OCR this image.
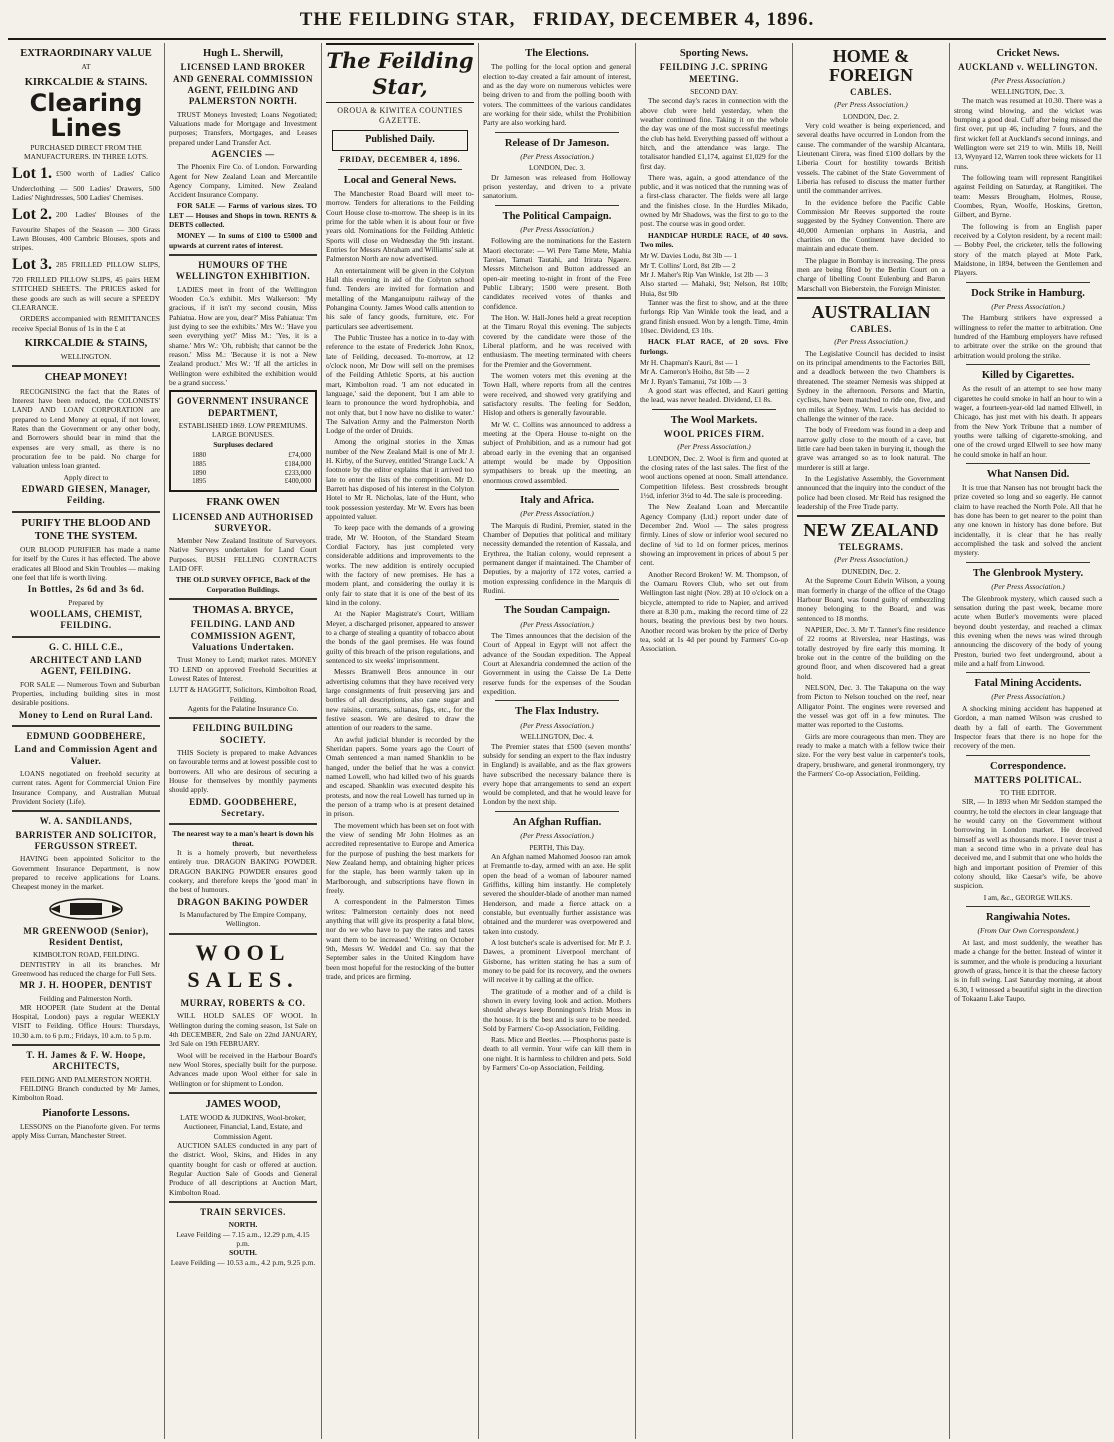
THE FEILDING STAR, FRIDAY, DECEMBER 4, 1896.
EXTRAORDINARY VALUE
AT
KIRKCALDIE & STAINS.
Clearing Lines
PURCHASED DIRECT FROM THE MANUFACTURERS. IN THREE LOTS.
Lot 1. £500 worth of Ladies' Calico Underclothing — 500 Ladies' Drawers, 500 Ladies' Nightdresses, 500 Ladies' Chemises.
Lot 2. 200 Ladies' Blouses of the Favourite Shapes of the Season — 300 Grass Lawn Blouses, 400 Cambric Blouses, spots and stripes.
Lot 3. 285 FRILLED PILLOW SLIPS, 720 FRILLED PILLOW SLIPS, 45 pairs HEM STITCHED SHEETS. The PRICES asked for these goods are such as will secure a SPEEDY CLEARANCE.

ORDERS accompanied with REMITTANCES receive Special Bonus of 1s in the £ at

KIRKCALDIE & STAINS,
WELLINGTON.
CHEAP MONEY!

RECOGNISING the fact that the Rates of Interest have been reduced, the COLONISTS' LAND AND LOAN CORPORATION are prepared to Lend Money at equal, if not lower, Rates than the Government or any other body, and Borrowers should bear in mind that the expenses are very small, as there is no procuration fee to be paid. No charge for valuation unless loan granted.

Apply direct to
EDWARD GIESEN, Manager, Feilding.
PURIFY THE BLOOD AND TONE THE SYSTEM.

OUR BLOOD PURIFIER has made a name for itself by the Cures it has effected. The above eradicates all Blood and Skin Troubles — making one feel that life is worth living.

In Bottles, 2s 6d and 3s 6d.
Prepared by
WOOLLAMS, CHEMIST, FEILDING.
G. C. HILL C.E.,
ARCHITECT AND LAND AGENT, FEILDING.

FOR SALE — Numerous Town and Suburban Properties, including building sites in most desirable positions.

Money to Lend on Rural Land.
EDMUND GOODBEHERE,
Land and Commission Agent and Valuer.

LOANS negotiated on freehold security at current rates. Agent for Commercial Union Fire Insurance Company, and Australian Mutual Provident Society (Life).

W. A. SANDILANDS,
BARRISTER AND SOLICITOR, FERGUSSON STREET.

HAVING been appointed Solicitor to the Government Insurance Department, is now prepared to receive applications for Loans. Cheapest money in the market.

MR GREENWOOD (Senior), Resident Dentist,
KIMBOLTON ROAD, FEILDING.

DENTISTRY in all its branches. Mr Greenwood has reduced the charge for Full Sets.

MR J. H. HOOPER, DENTIST
Feilding and Palmerston North.

MR HOOPER (late Student at the Dental Hospital, London) pays a regular WEEKLY VISIT to Feilding. Office Hours: Thursdays, 10.30 a.m. to 6 p.m.; Fridays, 10 a.m. to 5 p.m.

T. H. James & F. W. Hoope, ARCHITECTS,
FEILDING AND PALMERSTON NORTH.

FEILDING Branch conducted by Mr James, Kimbolton Road.

Pianoforte Lessons.

LESSONS on the Pianoforte given. For terms apply Miss Curran, Manchester Street.

Hugh L. Sherwill,
LICENSED LAND BROKER AND GENERAL COMMISSION AGENT, FEILDING AND PALMERSTON NORTH.

TRUST Moneys Invested; Loans Negotiated; Valuations made for Mortgage and Investment purposes; Transfers, Mortgages, and Leases prepared under Land Transfer Act.

AGENCIES —

The Phoenix Fire Co. of London. Forwarding Agent for New Zealand Loan and Mercantile Agency Company, Limited. New Zealand Accident Insurance Company.

FOR SALE — Farms of various sizes. TO LET — Houses and Shops in town. RENTS & DEBTS collected.

MONEY — In sums of £100 to £5000 and upwards at current rates of interest.

HUMOURS OF THE WELLINGTON EXHIBITION.

LADIES meet in front of the Wellington Wooden Co.'s exhibit. Mrs Walkerson: 'My gracious, if it isn't my second cousin, Miss Pahiatua. How are you, dear?' Miss Pahiatua: 'I'm just dying to see the exhibits.' Mrs W.: 'Have you seen everything yet?' Miss M.: 'Yes, it is a shame.' Mrs W.: 'Oh, rubbish; that cannot be the reason.' Miss M.: 'Because it is not a New Zealand product.' Mrs W.: 'If all the articles in Wellington were exhibited the exhibition would be a grand success.'

GOVERNMENT INSURANCE DEPARTMENT,
ESTABLISHED 1869. LOW PREMIUMS. LARGE BONUSES.
Surpluses declared
1880	£74,000
1885	£184,000
1890	£233,000
1895	£400,000
FRANK OWEN
LICENSED AND AUTHORISED SURVEYOR.

Member New Zealand Institute of Surveyors. Native Surveys undertaken for Land Court Purposes. BUSH FELLING CONTRACTS LAID OFF.

THE OLD SURVEY OFFICE, Back of the Corporation Buildings.
THOMAS A. BRYCE,
FEILDING. LAND AND COMMISSION AGENT, Valuations Undertaken.

Trust Money to Lend; market rates. MONEY TO LEND on approved Freehold Securities at Lowest Rates of Interest.

LUTT & HAGGITT, Solicitors, Kimbolton Road, Feilding.
Agents for the Palatine Insurance Co.
FEILDING BUILDING SOCIETY.

THIS Society is prepared to make Advances on favourable terms and at lowest possible cost to borrowers. All who are desirous of securing a House for themselves by monthly payments should apply.

EDMD. GOODBEHERE, Secretary.
The nearest way to a man's heart is down his throat.

It is a homely proverb, but nevertheless entirely true. DRAGON BAKING POWDER. DRAGON BAKING POWDER ensures good cookery, and therefore keeps the 'good man' in the best of humours.

DRAGON BAKING POWDER
Is Manufactured by The Empire Company, Wellington.
WOOL SALES.
MURRAY, ROBERTS & CO.

WILL HOLD SALES OF WOOL In Wellington during the coming season, 1st Sale on 4th DECEMBER, 2nd Sale on 22nd JANUARY, 3rd Sale on 19th FEBRUARY.

Wool will be received in the Harbour Board's new Wool Stores, specially built for the purpose. Advances made upon Wool either for sale in Wellington or for shipment to London.

JAMES WOOD,
LATE WOOD & JUDKINS, Wool-broker, Auctioneer, Financial, Land, Estate, and Commission Agent.

AUCTION SALES conducted in any part of the district. Wool, Skins, and Hides in any quantity bought for cash or offered at auction. Regular Auction Sale of Goods and General Produce of all descriptions at Auction Mart, Kimbolton Road.

TRAIN SERVICES.
NORTH.
Leave Feilding — 7.15 a.m., 12.29 p.m, 4.15 p.m.
SOUTH.
Leave Feilding — 10.53 a.m., 4.2 p.m, 9.25 p.m.
The Feilding Star,
OROUA & KIWITEA COUNTIES GAZETTE.
Published Daily.
FRIDAY, DECEMBER 4, 1896.
Local and General News.

The Manchester Road Board will meet to-morrow. Tenders for alterations to the Feilding Court House close to-morrow. The sheep is in its prime for the table when it is about four or five years old. Nominations for the Feilding Athletic Sports will close on Wednesday the 9th instant. Entries for Messrs Abraham and Williams' sale at Palmerston North are now advertised.

An entertainment will be given in the Colyton Hall this evening in aid of the Colyton school fund. Tenders are invited for formation and metalling of the Manganuiputu railway of the Pohangina County. James Wood calls attention to his sale of fancy goods, furniture, etc. For particulars see advertisement.

The Public Trustee has a notice in to-day with reference to the estate of Frederick John Knox, late of Feilding, deceased. To-morrow, at 12 o'clock noon, Mr Dow will sell on the premises of the Feilding Athletic Sports, at his auction mart, Kimbolton road. 'I am not educated in language,' said the deponent, 'but I am able to learn to pronounce the word hydrophobia, and not only that, but I now have no dislike to water.' The Salvation Army and the Palmerston North Lodge of the order of Druids.

Among the original stories in the Xmas number of the New Zealand Mail is one of Mr J. H. Kirby, of the Survey, entitled 'Strange Luck.' A footnote by the editor explains that it arrived too late to enter the lists of the competition. Mr D. Barrett has disposed of his interest in the Colyton Hotel to Mr R. Nicholas, late of the Hunt, who took possession yesterday. Mr W. Evers has been appointed valuer.

To keep pace with the demands of a growing trade, Mr W. Hooton, of the Standard Steam Cordial Factory, has just completed very considerable additions and improvements to the works. The new addition is entirely occupied with the factory of new premises. He has a modern plant, and considering the outlay it is only fair to state that it is one of the best of its kind in the colony.

At the Napier Magistrate's Court, William Meyer, a discharged prisoner, appeared to answer to a charge of stealing a quantity of tobacco about the bonds of the gaol premises. He was found guilty of this breach of the prison regulations, and sentenced to six weeks' imprisonment.

Messrs Bramwell Bros announce in our advertising columns that they have received very large consignments of fruit preserving jars and bottles of all descriptions, also cane sugar and new raisins, currants, sultanas, figs, etc., for the festive season. We are desired to draw the attention of our readers to the same.

An awful judicial blunder is recorded by the Sheridan papers. Some years ago the Court of Omah sentenced a man named Shanklin to be hanged, under the belief that he was a convict named Lowell, who had killed two of his guards and escaped. Shanklin was executed despite his protests, and now the real Lowell has turned up in the person of a tramp who is at present detained in prison.

The movement which has been set on foot with the view of sending Mr John Holmes as an accredited representative to Europe and America for the purpose of pushing the best markets for New Zealand hemp, and obtaining higher prices for the staple, has been warmly taken up in Marlborough, and subscriptions have flown in freely.

A correspondent in the Palmerston Times writes: 'Palmerston certainly does not need anything that will give its prosperity a fatal blow, nor do we who have to pay the rates and taxes want them to be increased.' Writing on October 9th, Messrs W. Weddel and Co. say that the September sales in the United Kingdom have been most hopeful for the restocking of the butter trade, and prices are firming.

The Elections.

The polling for the local option and general election to-day created a fair amount of interest, and as the day wore on numerous vehicles were being driven to and from the polling booth with voters. The committees of the various candidates are working for their side, whilst the Prohibition Party are also working hard.

Release of Dr Jameson.
(Per Press Association.)
LONDON, Dec. 3.

Dr Jameson was released from Holloway prison yesterday, and driven to a private sanatorium.

The Political Campaign.
(Per Press Association.)

Following are the nominations for the Eastern Maori electorate: — Wi Pere Tame Mete, Mahia Tareiae, Tamati Tautahi, and Irirata Ngaere. Messrs Mitchelson and Button addressed an open-air meeting to-night in front of the Free Public Library; 1500 were present. Both candidates received votes of thanks and confidence.

The Hon. W. Hall-Jones held a great reception at the Timaru Royal this evening. The subjects covered by the candidate were those of the Liberal platform, and he was received with enthusiasm. The meeting terminated with cheers for the Premier and the Government.

The women voters met this evening at the Town Hall, where reports from all the centres were received, and showed very gratifying and satisfactory results. The feeling for Seddon, Hislop and others is generally favourable.

Mr W. C. Collins was announced to address a meeting at the Opera House to-night on the subject of Prohibition, and as a rumour had got abroad early in the evening that an organised attempt would be made by Opposition sympathisers to break up the meeting, an enormous crowd assembled.

Italy and Africa.
(Per Press Association.)

The Marquis di Rudini, Premier, stated in the Chamber of Deputies that political and military necessity demanded the retention of Kassala, and Erythrea, the Italian colony, would represent a permanent danger if maintained. The Chamber of Deputies, by a majority of 172 votes, carried a motion expressing confidence in the Marquis di Rudini.

The Soudan Campaign.
(Per Press Association.)

The Times announces that the decision of the Court of Appeal in Egypt will not affect the advance of the Soudan expedition. The Appeal Court at Alexandria condemned the action of the Government in using the Caisse De La Dette reserve funds for the expenses of the Soudan expedition.

The Flax Industry.
(Per Press Association.)
WELLINGTON, Dec. 4.

The Premier states that £500 (seven months' subsidy for sending an expert to the flax industry in England) is available, and as the flax growers have subscribed the necessary balance there is every hope that arrangements to send an expert would be completed, and that he would leave for London by the next ship.

An Afghan Ruffian.
(Per Press Association.)
PERTH, This Day.

An Afghan named Mahomed Joosoo ran amok at Fremantle to-day, armed with an axe. He split open the head of a woman of labourer named Griffiths, killing him instantly. He completely severed the shoulder-blade of another man named Henderson, and made a fierce attack on a constable, but eventually further assistance was obtained and the murderer was overpowered and taken into custody.

A lost butcher's scale is advertised for. Mr P. J. Dawes, a prominent Liverpool merchant of Gisborne, has written stating he has a sum of money to be paid for its recovery, and the owners will receive it by calling at the office.

The gratitude of a mother and of a child is shown in every loving look and action. Mothers should always keep Bonnington's Irish Moss in the house. It is the best and is sure to be needed. Sold by Farmers' Co-op Association, Feilding.

Rats. Mice and Beetles. — Phosphorus paste is death to all vermin. Your wife can kill them in one night. It is harmless to children and pets. Sold by Farmers' Co-op Association, Feilding.

Sporting News.
FEILDING J.C. SPRING MEETING.
SECOND DAY.

The second day's races in connection with the above club were held yesterday, when the weather continued fine. Taking it on the whole the day was one of the most successful meetings the club has held. Everything passed off without a hitch, and the attendance was large. The totalisator handled £1,174, against £1,029 for the first day.

There was, again, a good attendance of the public, and it was noticed that the running was of a first-class character. The fields were all large and the finishes close. In the Hurdles Mikado, owned by Mr Shadows, was the first to go to the post. The course was in good order.

HANDICAP HURDLE RACE, of 40 sovs. Two miles.

Mr W. Davies Lodu, 8st 3lb — 1
Mr T. Collins' Lord, 8st 2lb — 2
Mr J. Maher's Rip Van Winkle, 1st 2lb — 3
Also started — Mahaki, 9st; Nelson, 8st 10lb; Huia, 8st 9lb

Tanner was the first to show, and at the three furlongs Rip Van Winkle took the lead, and a grand finish ensued. Won by a length. Time, 4min 10sec. Dividend, £3 10s.

HACK FLAT RACE, of 20 sovs. Five furlongs.

Mr H. Chapman's Kauri, 8st — 1
Mr A. Cameron's Hoiho, 8st 5lb — 2
Mr J. Ryan's Tamanui, 7st 10lb — 3

A good start was effected, and Kauri getting the lead, was never headed. Dividend, £1 8s.

The Wool Markets.
WOOL PRICES FIRM.
(Per Press Association.)

LONDON, Dec. 2. Wool is firm and quoted at the closing rates of the last sales. The first of the wool auctions opened at noon. Small attendance. Competition lifeless. Best crossbreds brought 1½d, inferior 3½d to 4d. The sale is proceeding.

The New Zealand Loan and Mercantile Agency Company (Ltd.) report under date of December 2nd. Wool — The sales progress firmly. Lines of slow or inferior wool secured no decline of ¼d to 1d on former prices, merinos showing an improvement in prices of about 5 per cent.

Another Record Broken! W. M. Thompson, of the Oamaru Rovers Club, who set out from Wellington last night (Nov. 28) at 10 o'clock on a bicycle, attempted to ride to Napier, and arrived there at 8.30 p.m., making the record time of 22 hours, beating the previous best by two hours. Another record was broken by the price of Derby tea, sold at 1s 4d per pound by Farmers' Co-op Association.

HOME & FOREIGN
CABLES.
(Per Press Association.)
LONDON, Dec. 2.

Very cold weather is being experienced, and several deaths have occurred in London from the cause. The commander of the warship Alcantara, Lieutenant Cirera, was fined £100 dollars by the Liberia Court for hostility towards British vessels. The cabinet of the State Government of Liberia has refused to discuss the matter further until the commander arrives.

In the evidence before the Pacific Cable Commission Mr Reeves supported the route suggested by the Sydney Convention. There are 40,000 Armenian orphans in Austria, and charities on the Continent have decided to maintain and educate them.

The plague in Bombay is increasing. The press men are being fêted by the Berlin Court on a charge of libelling Count Eulenburg and Baron Marschall von Bieberstein, the Foreign Minister.

AUSTRALIAN
CABLES.
(Per Press Association.)

The Legislative Council has decided to insist on its principal amendments to the Factories Bill, and a deadlock between the two Chambers is threatened. The steamer Nemesis was shipped at Sydney in the afternoon. Persons and Martin, cyclists, have been matched to ride one, five, and ten miles at Sydney. Wm. Lewis has decided to challenge the winner of the race.

The body of Freedom was found in a deep and narrow gully close to the mouth of a cave, but little care had been taken in burying it, though the grave was arranged so as to look natural. The murderer is still at large.

In the Legislative Assembly, the Government announced that the inquiry into the conduct of the police had been closed. Mr Reid has resigned the leadership of the Free Trade party.

NEW ZEALAND
TELEGRAMS.
(Per Press Association.)
DUNEDIN, Dec. 2.

At the Supreme Court Edwin Wilson, a young man formerly in charge of the office of the Otago Harbour Board, was found guilty of embezzling money belonging to the Board, and was sentenced to 18 months.

NAPIER, Dec. 3. Mr T. Tanner's fine residence of 22 rooms at Riverslea, near Hastings, was totally destroyed by fire early this morning. It broke out in the centre of the building on the ground floor, and when discovered had a great hold.

NELSON, Dec. 3. The Takapuna on the way from Picton to Nelson touched on the reef, near Alligator Point. The engines were reversed and the vessel was got off in a few minutes. The matter was reported to the Customs.

Girls are more courageous than men. They are ready to make a match with a fellow twice their size. For the very best value in carpenter's tools, drapery, brushware, and general ironmongery, try the Farmers' Co-op Association, Feilding.

Cricket News.
AUCKLAND v. WELLINGTON.
(Per Press Association.)
WELLINGTON, Dec. 3.

The match was resumed at 10.30. There was a strong wind blowing, and the wicket was bumping a good deal. Cuff after being missed the first over, put up 46, including 7 fours, and the first wicket fell at Auckland's second innings, and Wellington were set 219 to win. Mills 18, Neill 13, Wynyard 12, Warren took three wickets for 11 runs.

The following team will represent Rangitikei against Feilding on Saturday, at Rangitikei. The team: Messrs Brougham, Holmes, Rouse, Coombes, Ryan, Woolfe, Hoskins, Gretton, Gilbert, and Byrne.

The following is from an English paper received by a Colyton resident, by a recent mail: — Bobby Peel, the cricketer, tells the following story of the match played at Mote Park, Maidstone, in 1894, between the Gentlemen and Players.

Dock Strike in Hamburg.
(Per Press Association.)

The Hamburg strikers have expressed a willingness to refer the matter to arbitration. One hundred of the Hamburg employers have refused to arbitrate over the strike on the ground that arbitration would prolong the strike.

Killed by Cigarettes.

As the result of an attempt to see how many cigarettes he could smoke in half an hour to win a wager, a fourteen-year-old lad named Ellwell, in Chicago, has just met with his death. It appears from the New York Tribune that a number of youths were talking of cigarette-smoking, and one of the crowd urged Ellwell to see how many he could smoke in half an hour.

What Nansen Did.

It is true that Nansen has not brought back the prize coveted so long and so eagerly. He cannot claim to have reached the North Pole. All that he has done has been to get nearer to the point than any one known in history has done before. But incidentally, it is clear that he has really accomplished the task and solved the ancient mystery.

The Glenbrook Mystery.
(Per Press Association.)

The Glenbrook mystery, which caused such a sensation during the past week, became more acute when Butler's movements were placed beyond doubt yesterday, and reached a climax this evening when the news was wired through announcing the discovery of the body of young Preston, buried two feet underground, about a mile and a half from Linwood.

Fatal Mining Accidents.
(Per Press Association.)

A shocking mining accident has happened at Gordon, a man named Wilson was crushed to death by a fall of earth. The Government Inspector fears that there is no hope for the recovery of the men.

Correspondence.
MATTERS POLITICAL.
TO THE EDITOR.

SIR, — In 1893 when Mr Seddon stamped the country, he told the electors in clear language that he would carry on the Government without borrowing in London market. He deceived himself as well as thousands more. I never trust a man a second time who in a private deal has deceived me, and I submit that one who holds the high and important position of Premier of this colony should, like Caesar's wife, be above suspicion.

I am, &c., GEORGE WILKS.
Rangiwahia Notes.
(From Our Own Correspondent.)

At last, and most suddenly, the weather has made a change for the better. Instead of winter it is summer, and the whole is producing a luxuriant growth of grass, hence it is that the cheese factory is in full swing. Last Saturday morning, at about 6.30, I witnessed a beautiful sight in the direction of Tokaanu Lake Taupo.
